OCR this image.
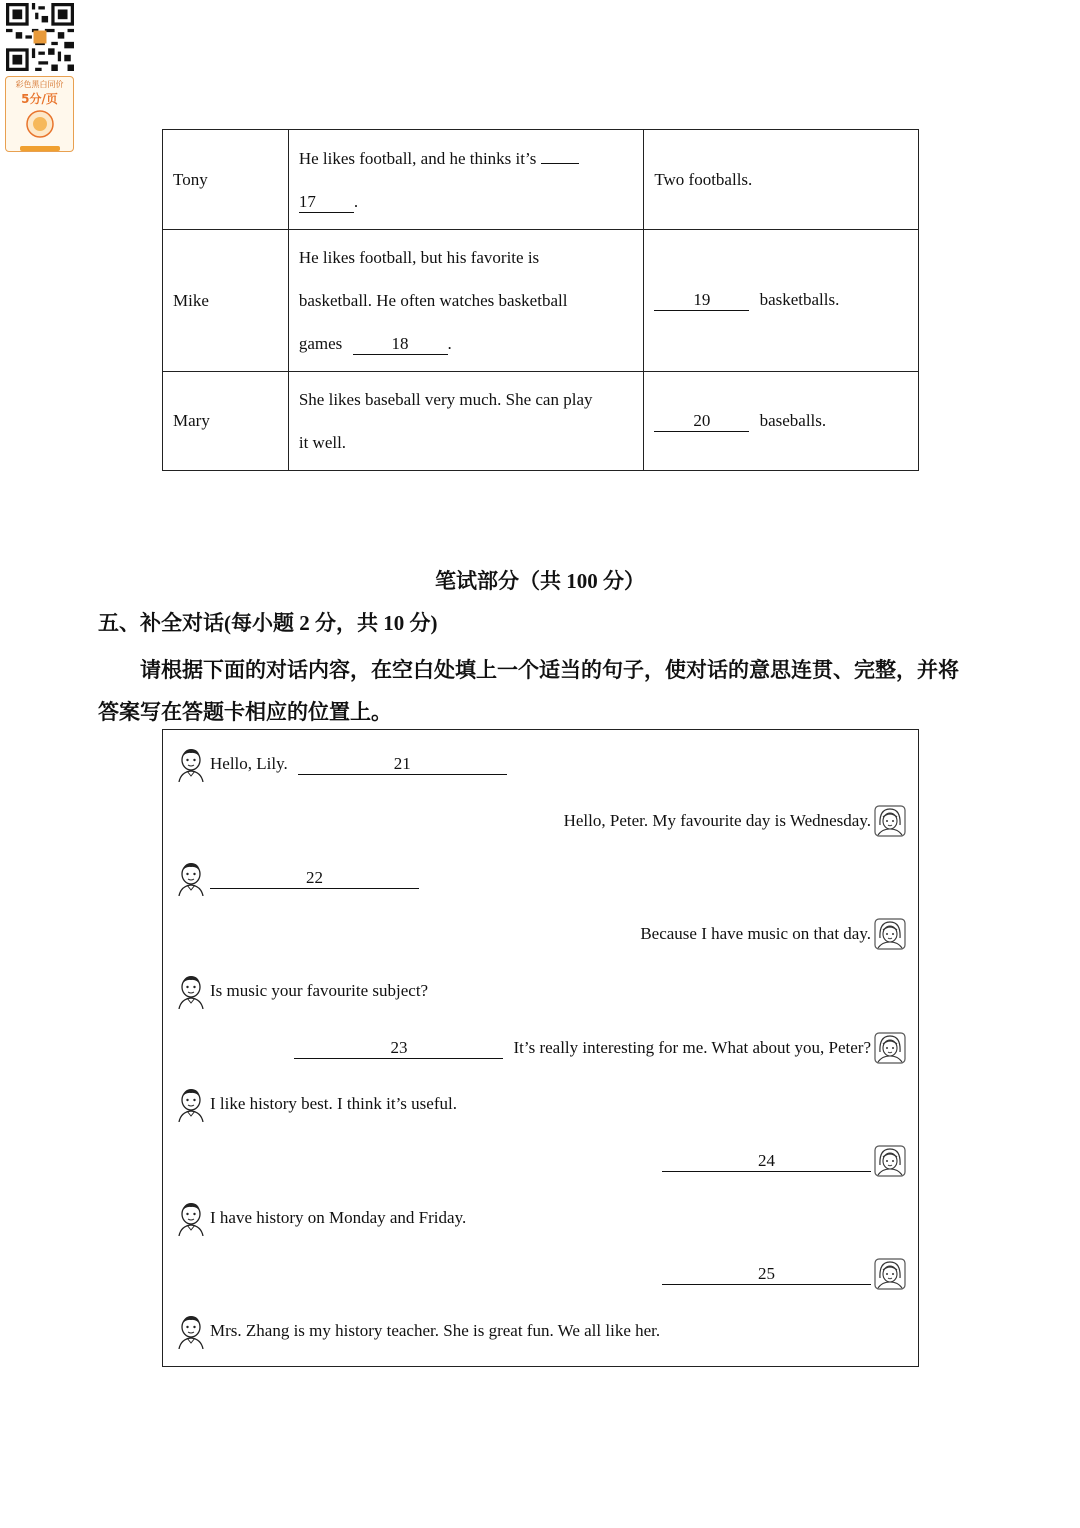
彩色黑白同价
5分/页
Tony	He likes football, and he thinks it’s
17 .	Two footballs.
Mike	He likes football, but his favorite is
basketball. He often watches basketball
games 18 .	19 basketballs.
Mary	She likes baseball very much. She can play
it well.	20 baseballs.
笔试部分（共 100 分）
五、补全对话(每小题 2 分，共 10 分)
请根据下面的对话内容，在空白处填上一个适当的句子，使对话的意思连贯、完整，并将答案写在答题卡相应的位置上。
Hello, Lily.	21
Hello, Peter. My favourite day is Wednesday.
22
Because I have music on that day.
Is music your favourite subject?
23	It’s really interesting for me. What about you, Peter?
I like history best. I think it’s useful.
24
I have history on Monday and Friday.
25
Mrs. Zhang is my history teacher. She is great fun. We all like her.
